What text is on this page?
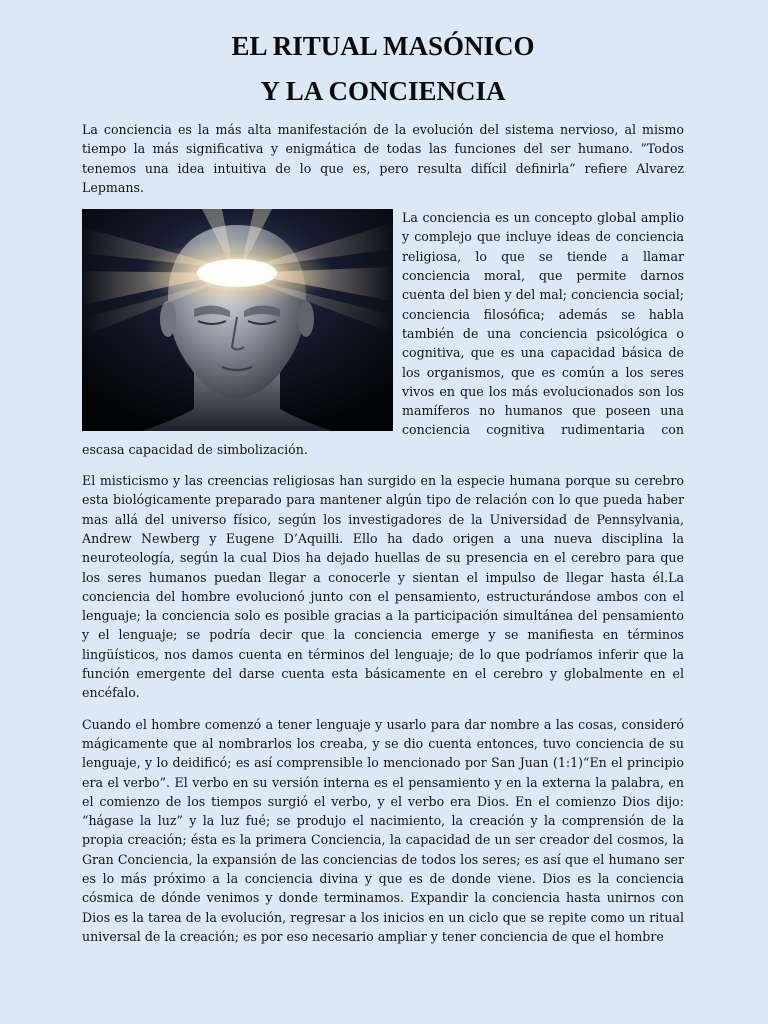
EL RITUAL MASÓNICO
Y LA CONCIENCIA

La conciencia es la más alta manifestación de la evolución del sistema nervioso, al mismo tiempo la más significativa y enigmática de todas las funciones del ser humano. ”Todos tenemos una idea intuitiva de lo que es, pero resulta difícil definirla” refiere Alvarez Lepmans.

La conciencia es un concepto global amplio y complejo que incluye ideas de conciencia religiosa, lo que se tiende a llamar conciencia moral, que permite darnos cuenta del bien y del mal; conciencia social; conciencia filosófica; además se habla también de una conciencia psicológica o cognitiva, que es una capacidad básica de los organismos, que es común a los seres vivos en que los más evolucionados son los mamíferos no humanos que poseen una conciencia cognitiva rudimentaria con escasa capacidad de simbolización.

El misticismo y las creencias religiosas han surgido en la especie humana porque su cerebro esta biológicamente preparado para mantener algún tipo de relación con lo que pueda haber mas allá del universo físico, según los investigadores de la Universidad de Pennsylvania, Andrew Newberg y Eugene D’Aquilli. Ello ha dado origen a una nueva disciplina la neuroteología, según la cual Dios ha dejado huellas de su presencia en el cerebro para que los seres humanos puedan llegar a conocerle y sientan el impulso de llegar hasta él.La conciencia del hombre evolucionó junto con el pensamiento, estructurándose ambos con el lenguaje; la conciencia solo es posible gracias a la participación simultánea del pensamiento y el lenguaje; se podría decir que la conciencia emerge y se manifiesta en términos lingüísticos, nos damos cuenta en términos del lenguaje; de lo que podríamos inferir que la función emergente del darse cuenta esta básicamente en el cerebro y globalmente en el encéfalo.

Cuando el hombre comenzó a tener lenguaje y usarlo para dar nombre a las cosas, consideró mágicamente que al nombrarlos los creaba, y se dio cuenta entonces, tuvo conciencia de su lenguaje, y lo deidificó; es así comprensible lo mencionado por San Juan (1:1)“En el principio era el verbo”. El verbo en su versión interna es el pensamiento y en la externa la palabra, en el comienzo de los tiempos surgió el verbo, y el verbo era Dios. En el comienzo Dios dijo: “hágase la luz” y la luz fué; se produjo el nacimiento, la creación y la comprensión de la propia creación; ésta es la primera Conciencia, la capacidad de un ser creador del cosmos, la Gran Conciencia, la expansión de las conciencias de todos los seres; es así que el humano ser es lo más próximo a la conciencia divina y que es de donde viene. Dios es la conciencia cósmica de dónde venimos y donde terminamos. Expandir la conciencia hasta unirnos con Dios es la tarea de la evolución, regresar a los inicios en un ciclo que se repite como un ritual universal de la creación; es por eso necesario ampliar y tener conciencia de que el hombre
